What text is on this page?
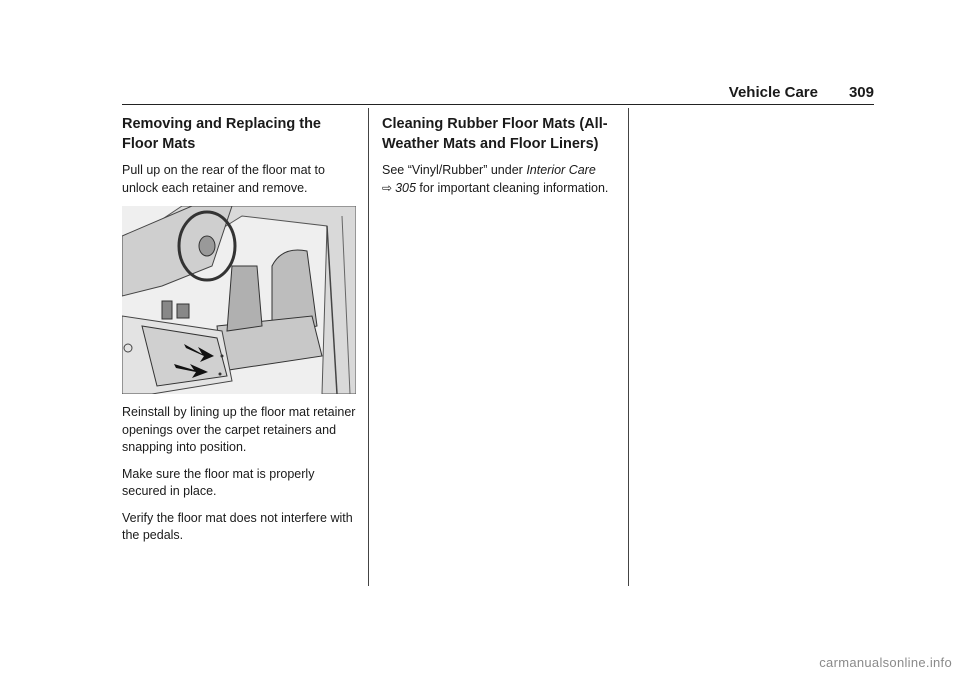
Vehicle Care 309
Removing and Replacing the Floor Mats

Pull up on the rear of the floor mat to unlock each retainer and remove.

Reinstall by lining up the floor mat retainer openings over the carpet retainers and snapping into position.

Make sure the floor mat is properly secured in place.

Verify the floor mat does not interfere with the pedals.

Cleaning Rubber Floor Mats (All-Weather Mats and Floor Liners)

See “Vinyl/Rubber” under Interior Care
⇨ 305 for important cleaning information.

carmanualsonline.info
